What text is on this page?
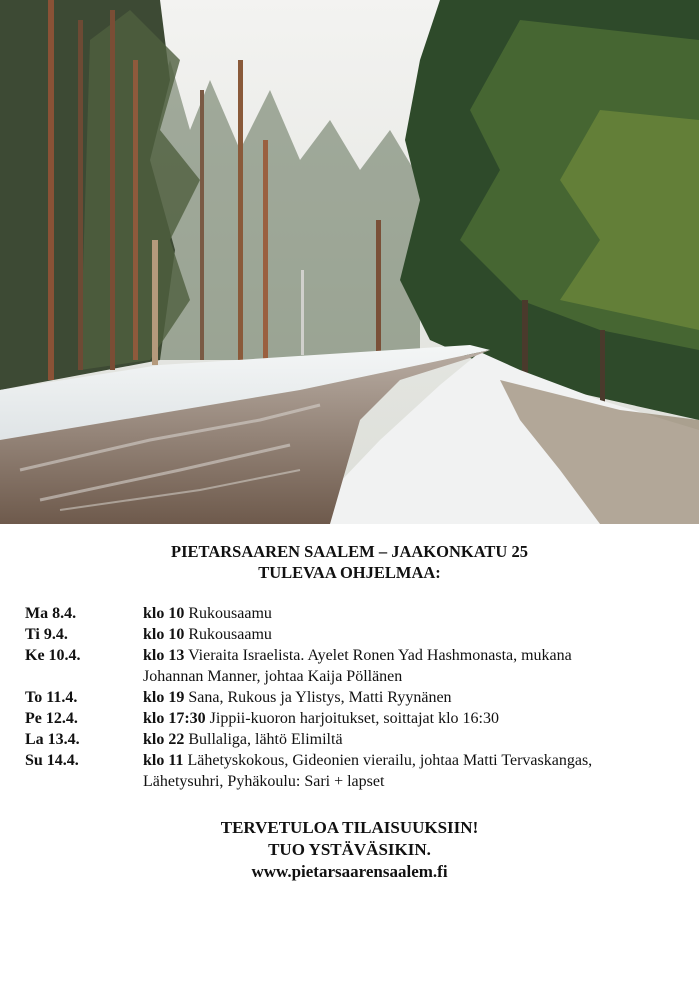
PIETARSAAREN SAALEM – JAAKONKATU 25
TULEVAA OHJELMAA:
Ma 8.4.	klo 10 Rukousaamu
Ti 9.4.	klo 10 Rukousaamu
Ke 10.4.	klo 13 Vieraita Israelista. Ayelet Ronen Yad Hashmonasta, mukana
Johannan Manner, johtaa Kaija Pöllänen
To 11.4.	klo 19 Sana, Rukous ja Ylistys, Matti Ryynänen
Pe 12.4.	klo 17:30 Jippii-kuoron harjoitukset, soittajat klo 16:30
La 13.4.	klo 22 Bullaliga, lähtö Elimiltä
Su 14.4.	klo 11 Lähetyskokous, Gideonien vierailu, johtaa Matti Tervaskangas,
Lähetysuhri, Pyhäkoulu: Sari + lapset
TERVETULOA TILAISUUKSIIN!
TUO YSTÄVÄSIKIN.
www.pietarsaarensaalem.fi
